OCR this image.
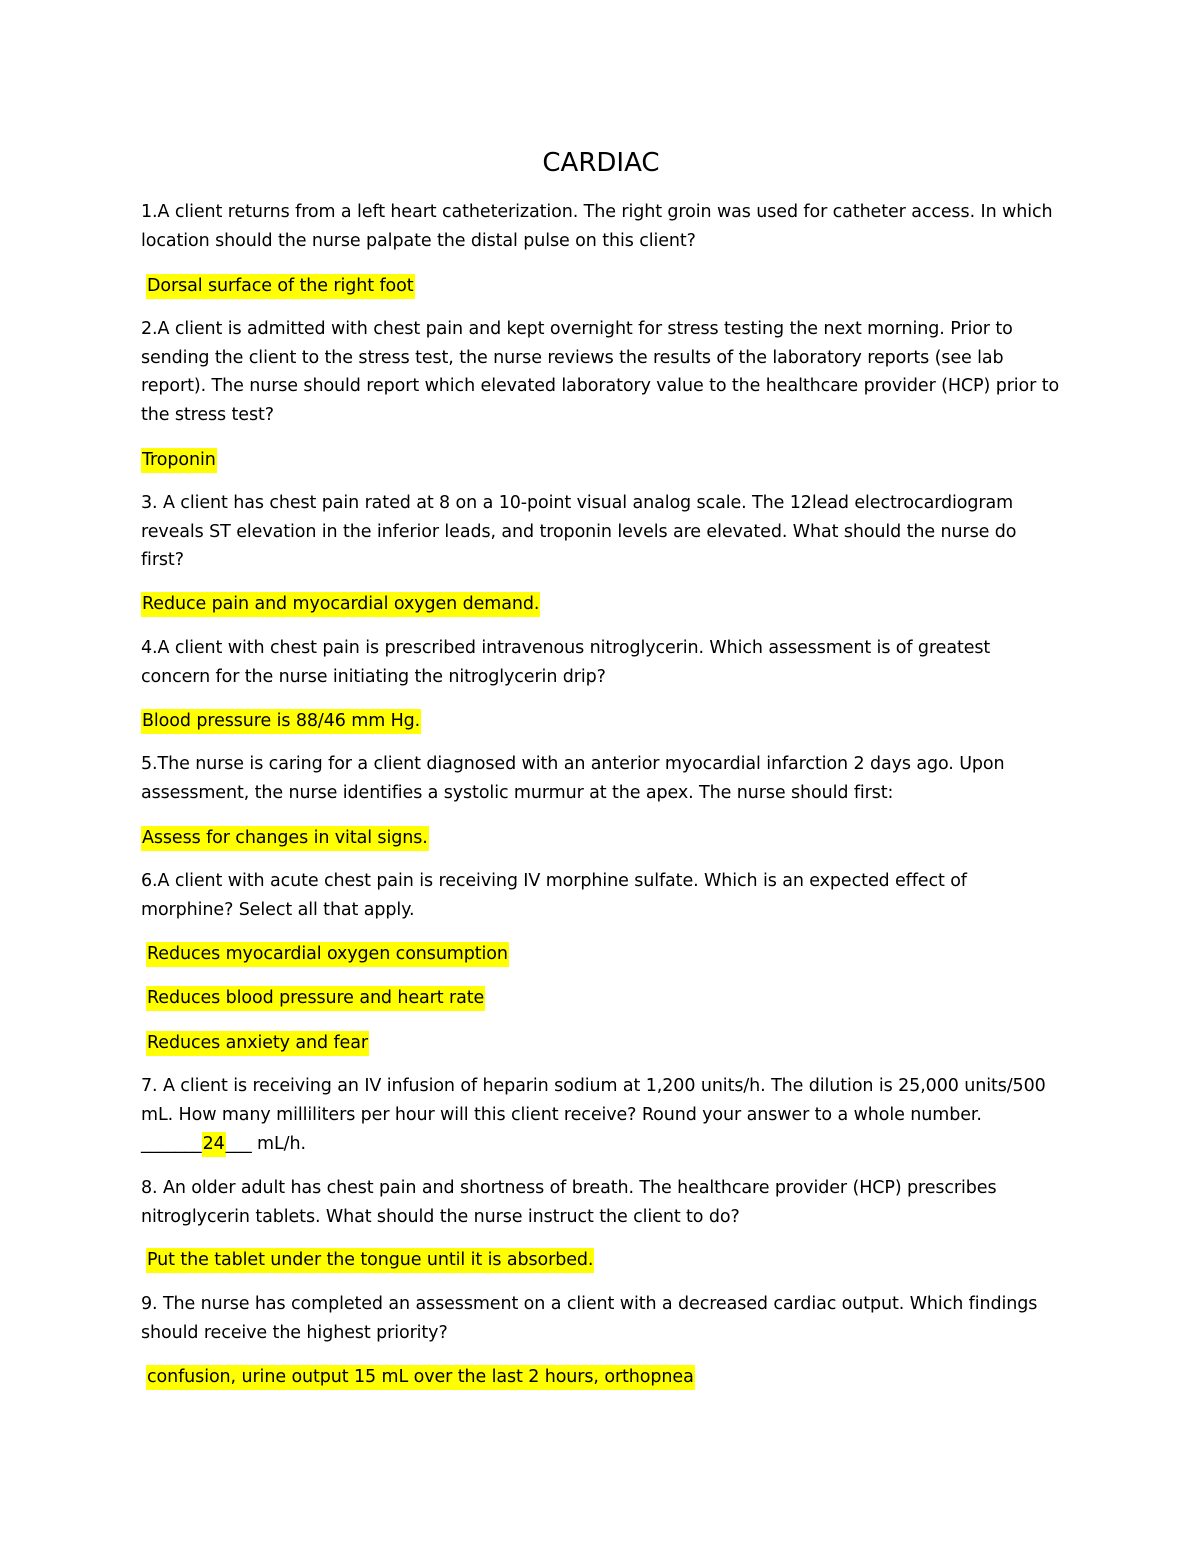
CARDIAC
1.A client returns from a left heart catheterization. The right groin was used for catheter access. In which location should the nurse palpate the distal pulse on this client?
Dorsal surface of the right foot
2.A client is admitted with chest pain and kept overnight for stress testing the next morning. Prior to sending the client to the stress test, the nurse reviews the results of the laboratory reports (see lab report). The nurse should report which elevated laboratory value to the healthcare provider (HCP) prior to the stress test?
Troponin
3. A client has chest pain rated at 8 on a 10-point visual analog scale. The 12lead electrocardiogram reveals ST elevation in the inferior leads, and troponin levels are elevated. What should the nurse do first?
Reduce pain and myocardial oxygen demand.
4.A client with chest pain is prescribed intravenous nitroglycerin. Which assessment is of greatest concern for the nurse initiating the nitroglycerin drip?
Blood pressure is 88/46 mm Hg.
5.The nurse is caring for a client diagnosed with an anterior myocardial infarction 2 days ago. Upon assessment, the nurse identifies a systolic murmur at the apex. The nurse should first:
Assess for changes in vital signs.
6.A client with acute chest pain is receiving IV morphine sulfate. Which is an expected effect of morphine? Select all that apply.
Reduces myocardial oxygen consumption
Reduces blood pressure and heart rate
Reduces anxiety and fear
7. A client is receiving an IV infusion of heparin sodium at 1,200 units/h. The dilution is 25,000 units/500 mL. How many milliliters per hour will this client receive? Round your answer to a whole number.
_______24___ mL/h.
8. An older adult has chest pain and shortness of breath. The healthcare provider (HCP) prescribes nitroglycerin tablets. What should the nurse instruct the client to do?
Put the tablet under the tongue until it is absorbed.
9. The nurse has completed an assessment on a client with a decreased cardiac output. Which findings should receive the highest priority?
confusion, urine output 15 mL over the last 2 hours, orthopnea
